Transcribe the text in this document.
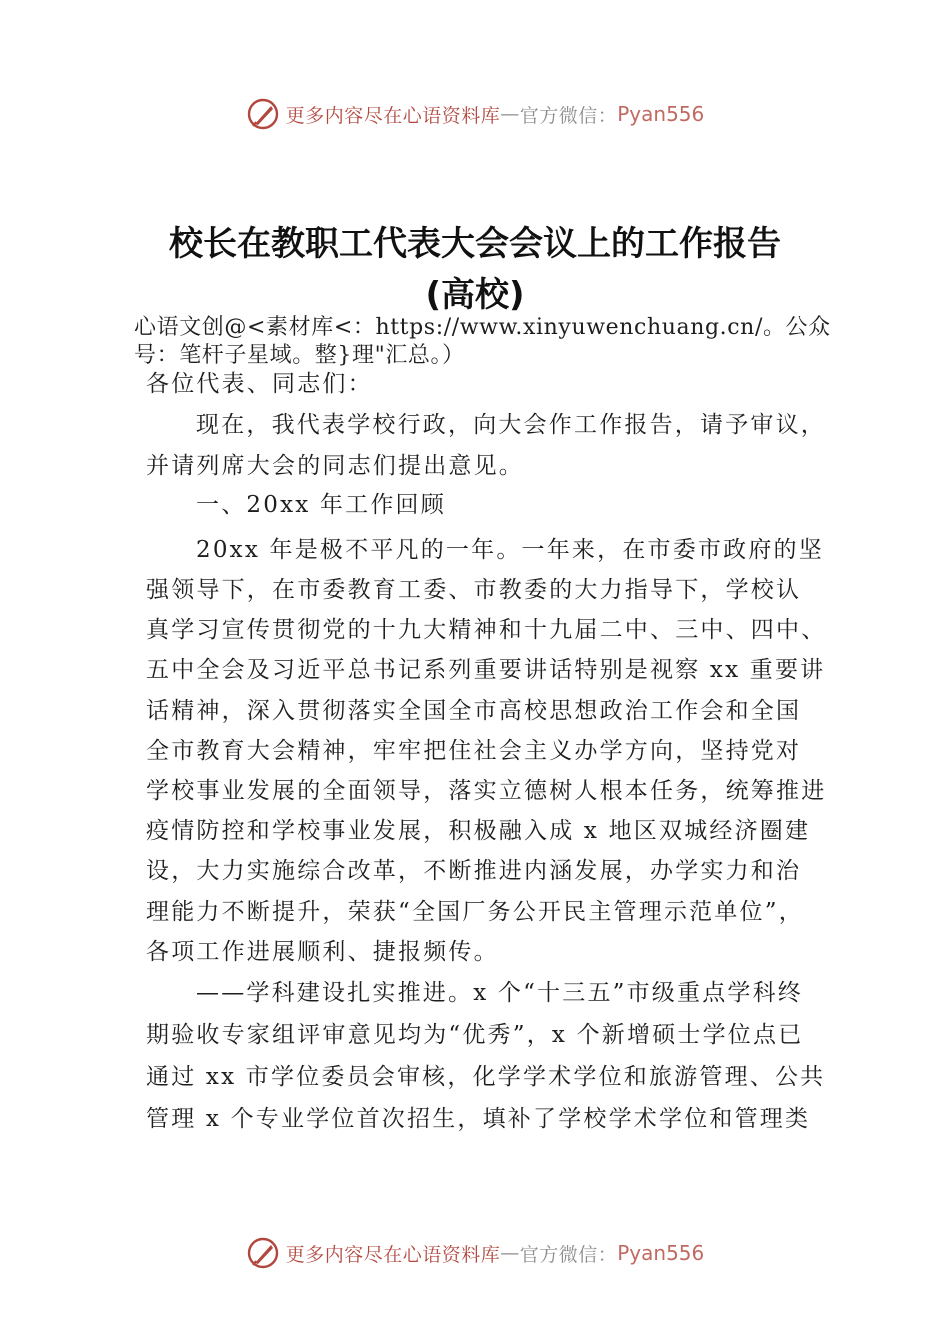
更多内容尽在心语资料库 — 官方微信： Pyan556
校长在教职工代表大会会议上的工作报告
(高校)
心语文创@<素材库<：https://www.xinyuwenchuang.cn/。公众
号：笔杆子星域。整}理"汇总。）
各位代表、同志们：
现在，我代表学校行政，向大会作工作报告，请予审议，
并请列席大会的同志们提出意见。
一、20xx 年工作回顾
20xx 年是极不平凡的一年。一年来，在市委市政府的坚
强领导下，在市委教育工委、市教委的大力指导下，学校认
真学习宣传贯彻党的十九大精神和十九届二中、三中、四中、
五中全会及习近平总书记系列重要讲话特别是视察 xx 重要讲
话精神，深入贯彻落实全国全市高校思想政治工作会和全国
全市教育大会精神，牢牢把住社会主义办学方向，坚持党对
学校事业发展的全面领导，落实立德树人根本任务，统筹推进
疫情防控和学校事业发展，积极融入成 x 地区双城经济圈建
设，大力实施综合改革，不断推进内涵发展，办学实力和治
理能力不断提升，荣获“全国厂务公开民主管理示范单位”，
各项工作进展顺利、捷报频传。
——学科建设扎实推进。x 个“十三五”市级重点学科终
期验收专家组评审意见均为“优秀”，x 个新增硕士学位点已
通过 xx 市学位委员会审核，化学学术学位和旅游管理、公共
管理 x 个专业学位首次招生，填补了学校学术学位和管理类
更多内容尽在心语资料库 — 官方微信： Pyan556
